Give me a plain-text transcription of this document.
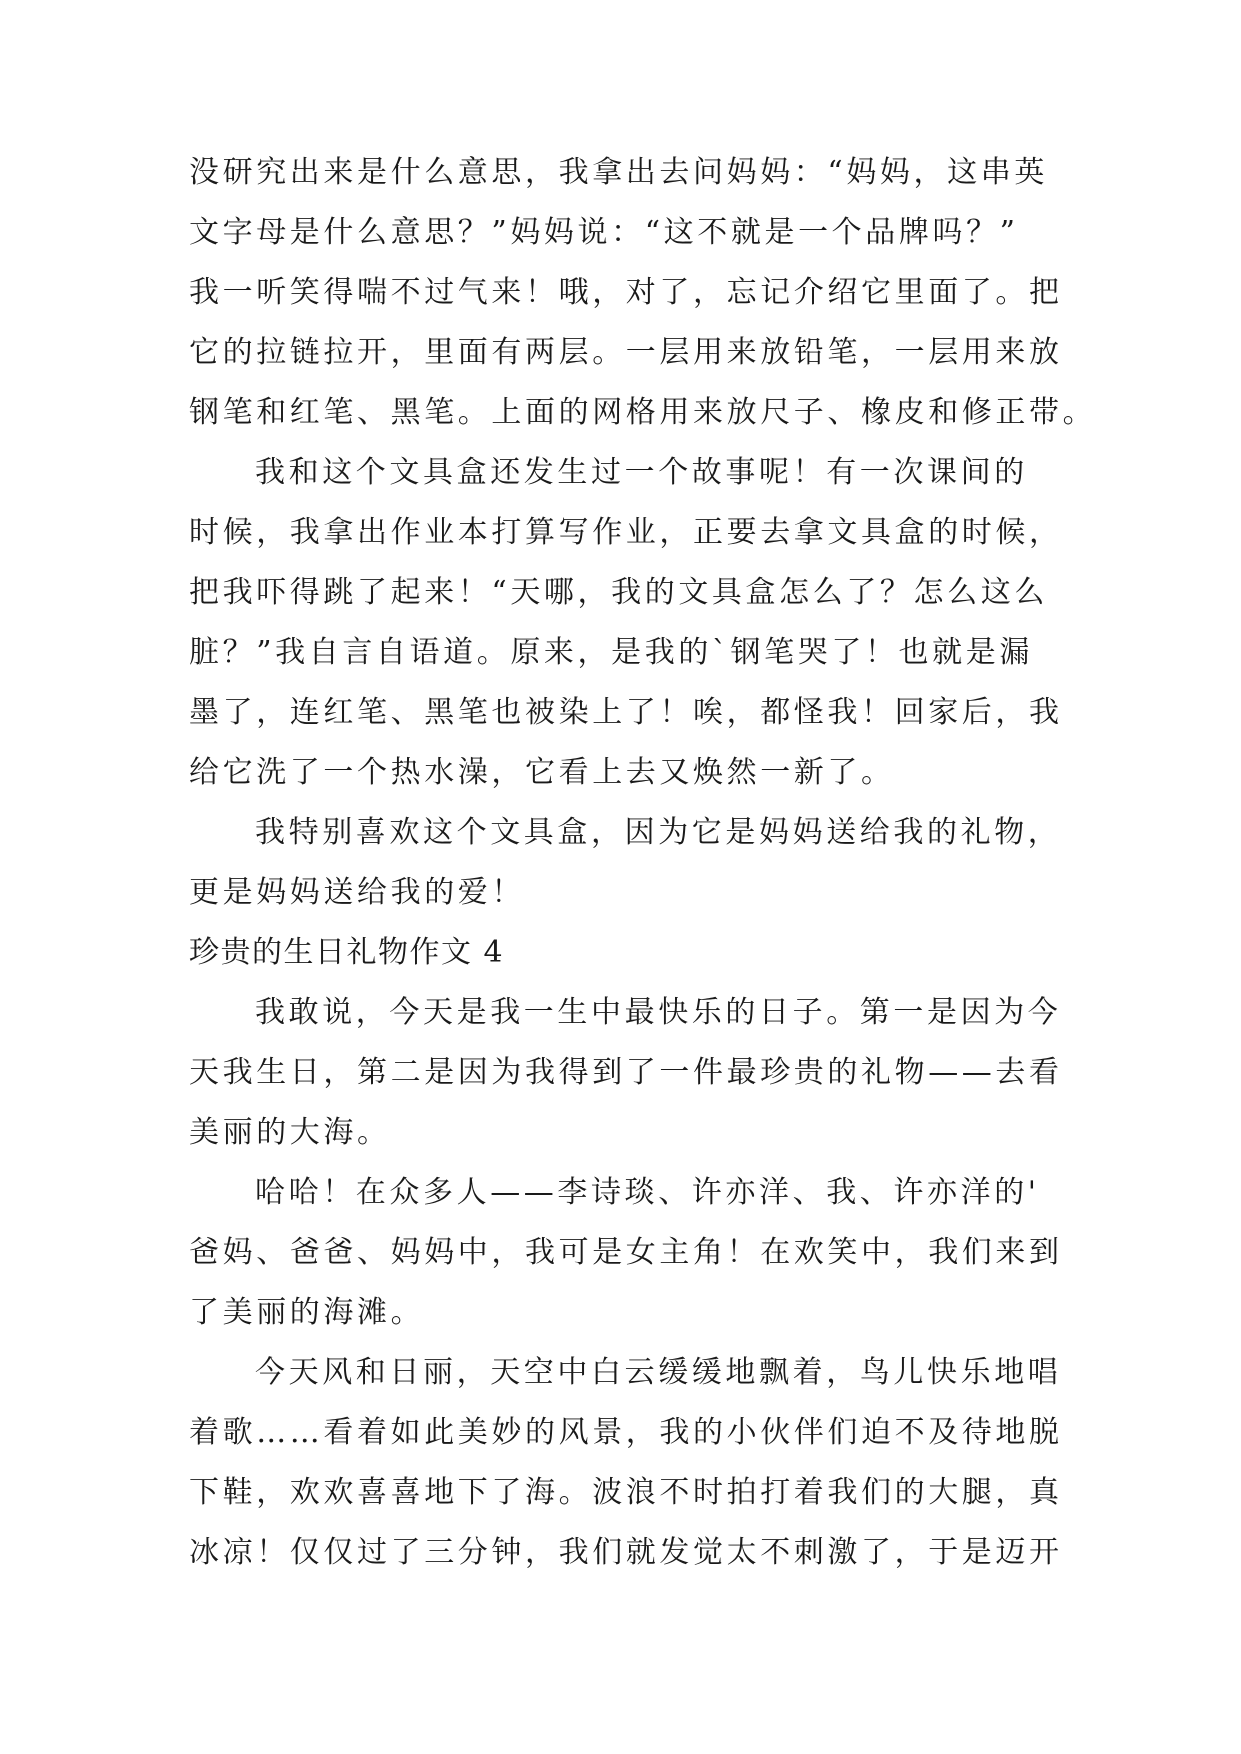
没研究出来是什么意思，我拿出去问妈妈：“妈妈，这串英
文字母是什么意思？”妈妈说：“这不就是一个品牌吗？”
我一听笑得喘不过气来！哦，对了，忘记介绍它里面了。把
它的拉链拉开，里面有两层。一层用来放铅笔，一层用来放
钢笔和红笔、黑笔。上面的网格用来放尺子、橡皮和修正带。
我和这个文具盒还发生过一个故事呢！有一次课间的
时候，我拿出作业本打算写作业，正要去拿文具盒的时候，
把我吓得跳了起来！“天哪，我的文具盒怎么了？怎么这么
脏？”我自言自语道。原来，是我的`钢笔哭了！也就是漏
墨了，连红笔、黑笔也被染上了！唉，都怪我！回家后，我
给它洗了一个热水澡，它看上去又焕然一新了。
我特别喜欢这个文具盒，因为它是妈妈送给我的礼物，
更是妈妈送给我的爱！
珍贵的生日礼物作文 4
我敢说，今天是我一生中最快乐的日子。第一是因为今
天我生日，第二是因为我得到了一件最珍贵的礼物——去看
美丽的大海。
哈哈！在众多人——李诗琰、许亦洋、我、许亦洋的'
爸妈、爸爸、妈妈中，我可是女主角！在欢笑中，我们来到
了美丽的海滩。
今天风和日丽，天空中白云缓缓地飘着，鸟儿快乐地唱
着歌……看着如此美妙的风景，我的小伙伴们迫不及待地脱
下鞋，欢欢喜喜地下了海。波浪不时拍打着我们的大腿，真
冰凉！仅仅过了三分钟，我们就发觉太不刺激了，于是迈开
